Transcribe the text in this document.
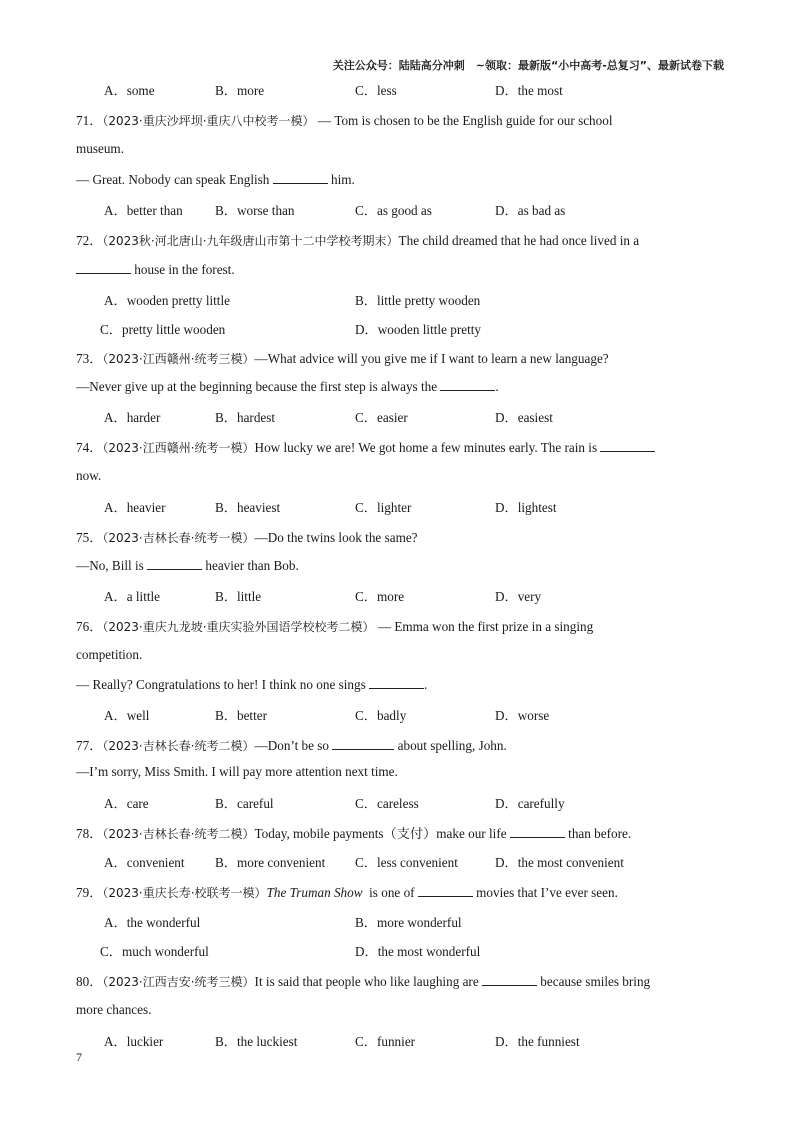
关注公众号：陆陆高分冲刺　~领取：最新版“小中高考-总复习”、最新试卷下载
A．some	B．more	C．less	D．the most
71．（2023·重庆沙坪坝·重庆八中校考一模） — Tom is chosen to be the English guide for our school
museum.
— Great. Nobody can speak English	him.
A．better than B．worse than	C．as good as	D．as bad as
72．（2023秋·河北唐山·九年级唐山市第十二中学校考期末）The child dreamed that he had once lived in a
house in the forest.
A．wooden pretty little	B．little pretty wooden
C．pretty little wooden	D．wooden little pretty
73．（2023·江西赣州·统考三模）—What advice will you give me if I want to learn a new language?
—Never give up at the beginning because the first step is always the	.
A．harder	B．hardest	C．easier	D．easiest
74．（2023·江西赣州·统考一模）How lucky we are! We got home a few minutes early. The rain is
now.
A．heavier	B．heaviest	C．lighter	D．lightest
75．（2023·吉林长春·统考一模）—Do the twins look the same?
—No, Bill is	heavier than Bob.
A．a little	B．little	C．more	D．very
76．（2023·重庆九龙坡·重庆实验外国语学校校考二模） — Emma won the first prize in a singing
competition.
— Really? Congratulations to her! I think no one sings	.
A．well	B．better	C．badly	D．worse
77．（2023·吉林长春·统考二模）—Don’t be so	about spelling, John.
—I’m sorry, Miss Smith. I will pay more attention next time.
A．care	B．careful	C．careless	D．carefully
78．（2023·吉林长春·统考二模）Today, mobile payments（支付）make our life	than before.
A．convenient B．more convenient C．less convenient	D．the most convenient
79．（2023·重庆长寿·校联考一模）The Truman Show is one of	movies that I’ve ever seen.
A．the wonderful	B．more wonderful
C．much wonderful	D．the most wonderful
80．（2023·江西吉安·统考三模）It is said that people who like laughing are	because smiles bring
more chances.
A．luckier	B．the luckiest	C．funnier	D．the funniest
7
